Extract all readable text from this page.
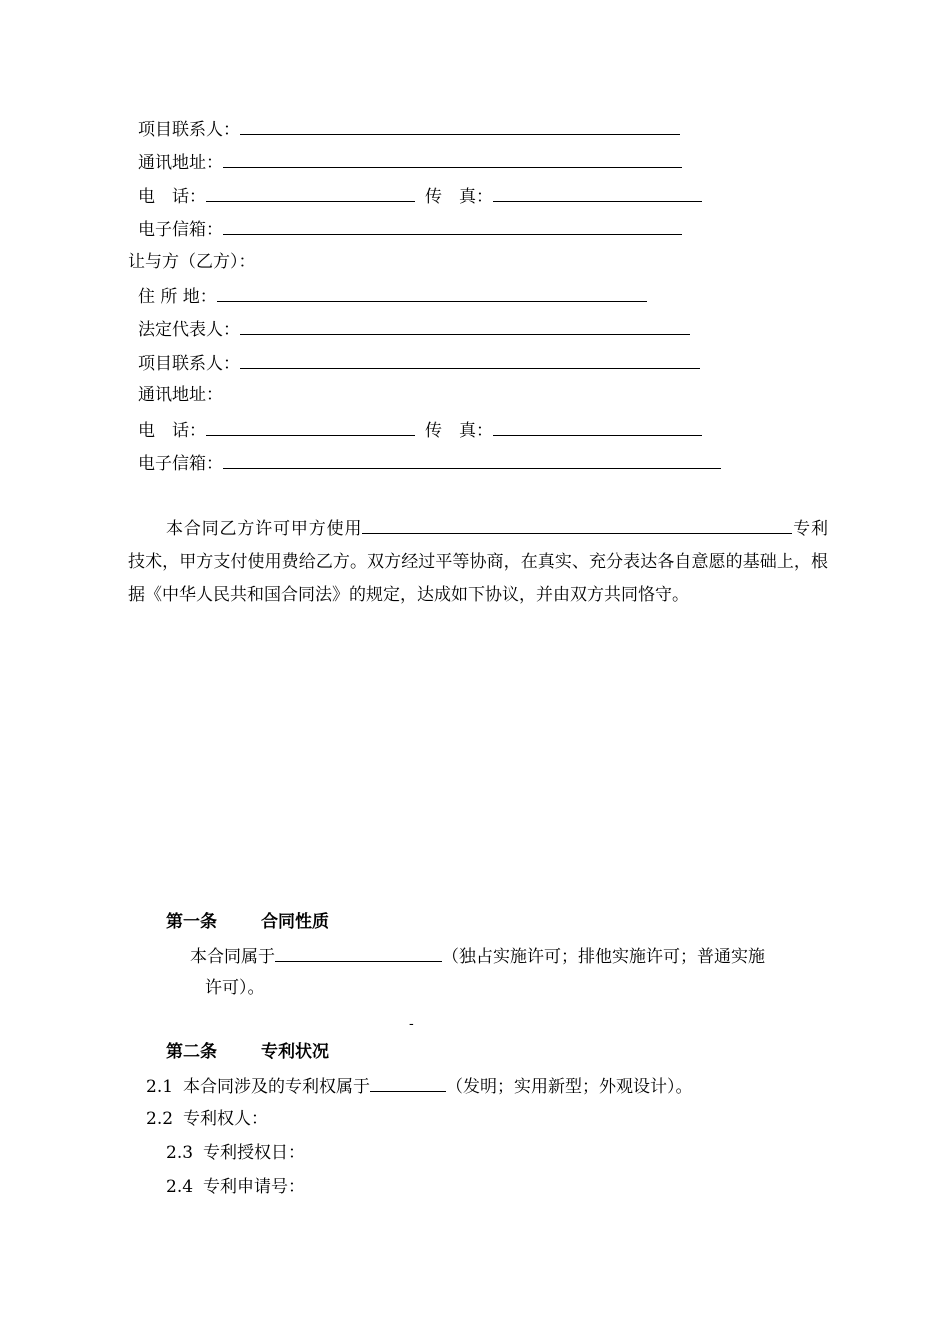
项目联系人：
通讯地址：
电　话：	传　真：
电子信箱：
让与方（乙方）：
住 所 地：
法定代表人：
项目联系人：
通讯地址：
电　话：	传　真：
电子信箱：
本合同乙方许可甲方使用	专利技术，甲方支付使用费给乙方。双方经过平等协商，在真实、充分表达各自意愿的基础上，根据《中华人民共和国合同法》的规定，达成如下协议，并由双方共同恪守。
第一条	合同性质
本合同属于	（独占实施许可；排他实施许可；普通实施
许可）。
-
第二条	专利状况
2.1 本合同涉及的专利权属于	（发明；实用新型；外观设计）。
2.2 专利权人：
2.3 专利授权日：
2.4 专利申请号：
